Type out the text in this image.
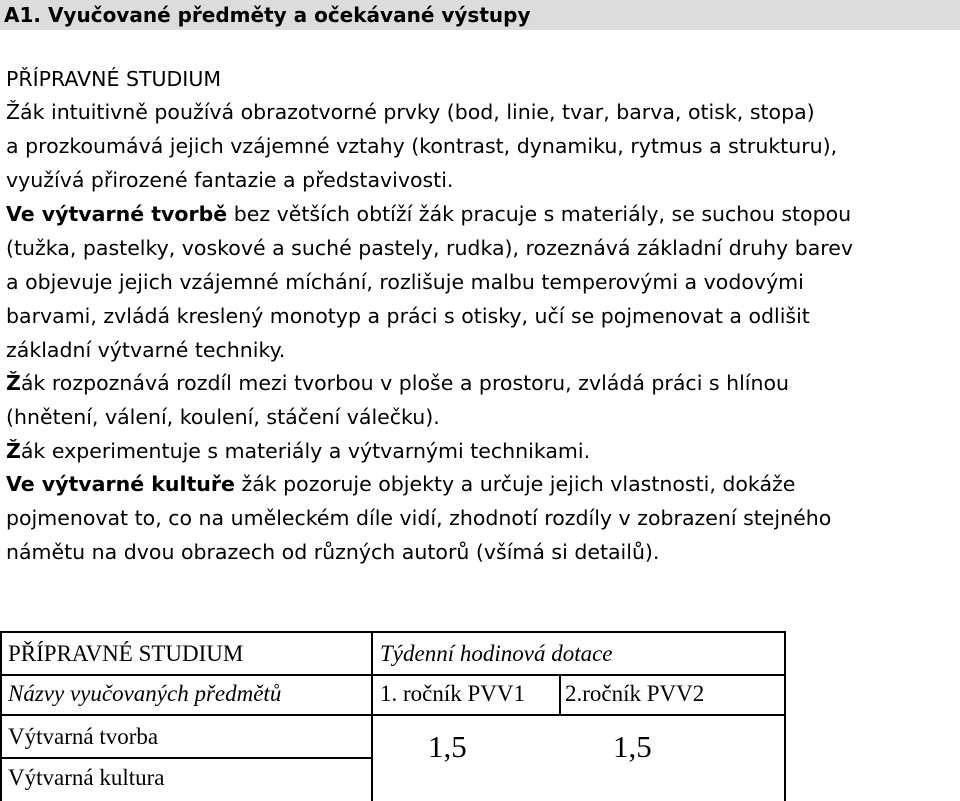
A1. Vyučované předměty a očekávané výstupy
PŘÍPRAVNÉ STUDIUM
Žák intuitivně používá obrazotvorné prvky (bod, linie, tvar, barva, otisk, stopa)
a prozkoumává jejich vzájemné vztahy (kontrast, dynamiku, rytmus a strukturu),
využívá přirozené fantazie a představivosti.
Ve výtvarné tvorbě bez větších obtíží žák pracuje s materiály, se suchou stopou
(tužka, pastelky, voskové a suché pastely, rudka), rozeznává základní druhy barev
a objevuje jejich vzájemné míchání, rozlišuje malbu temperovými a vodovými
barvami, zvládá kreslený monotyp a práci s otisky, učí se pojmenovat a odlišit
základní výtvarné techniky.
Žák rozpoznává rozdíl mezi tvorbou v ploše a prostoru, zvládá práci s hlínou
(hnětení, válení, koulení, stáčení válečku).
Žák experimentuje s materiály a výtvarnými technikami.
Ve výtvarné kultuře žák pozoruje objekty a určuje jejich vlastnosti, dokáže
pojmenovat to, co na uměleckém díle vidí, zhodnotí rozdíly v zobrazení stejného
námětu na dvou obrazech od různých autorů (všímá si detailů).
PŘÍPRAVNÉ STUDIUM	Týdenní hodinová dotace
Názvy vyučovaných předmětů	1. ročník PVV1 2.ročník PVV2
Výtvarná tvorba
Výtvarná kultura
1,5	1,5
